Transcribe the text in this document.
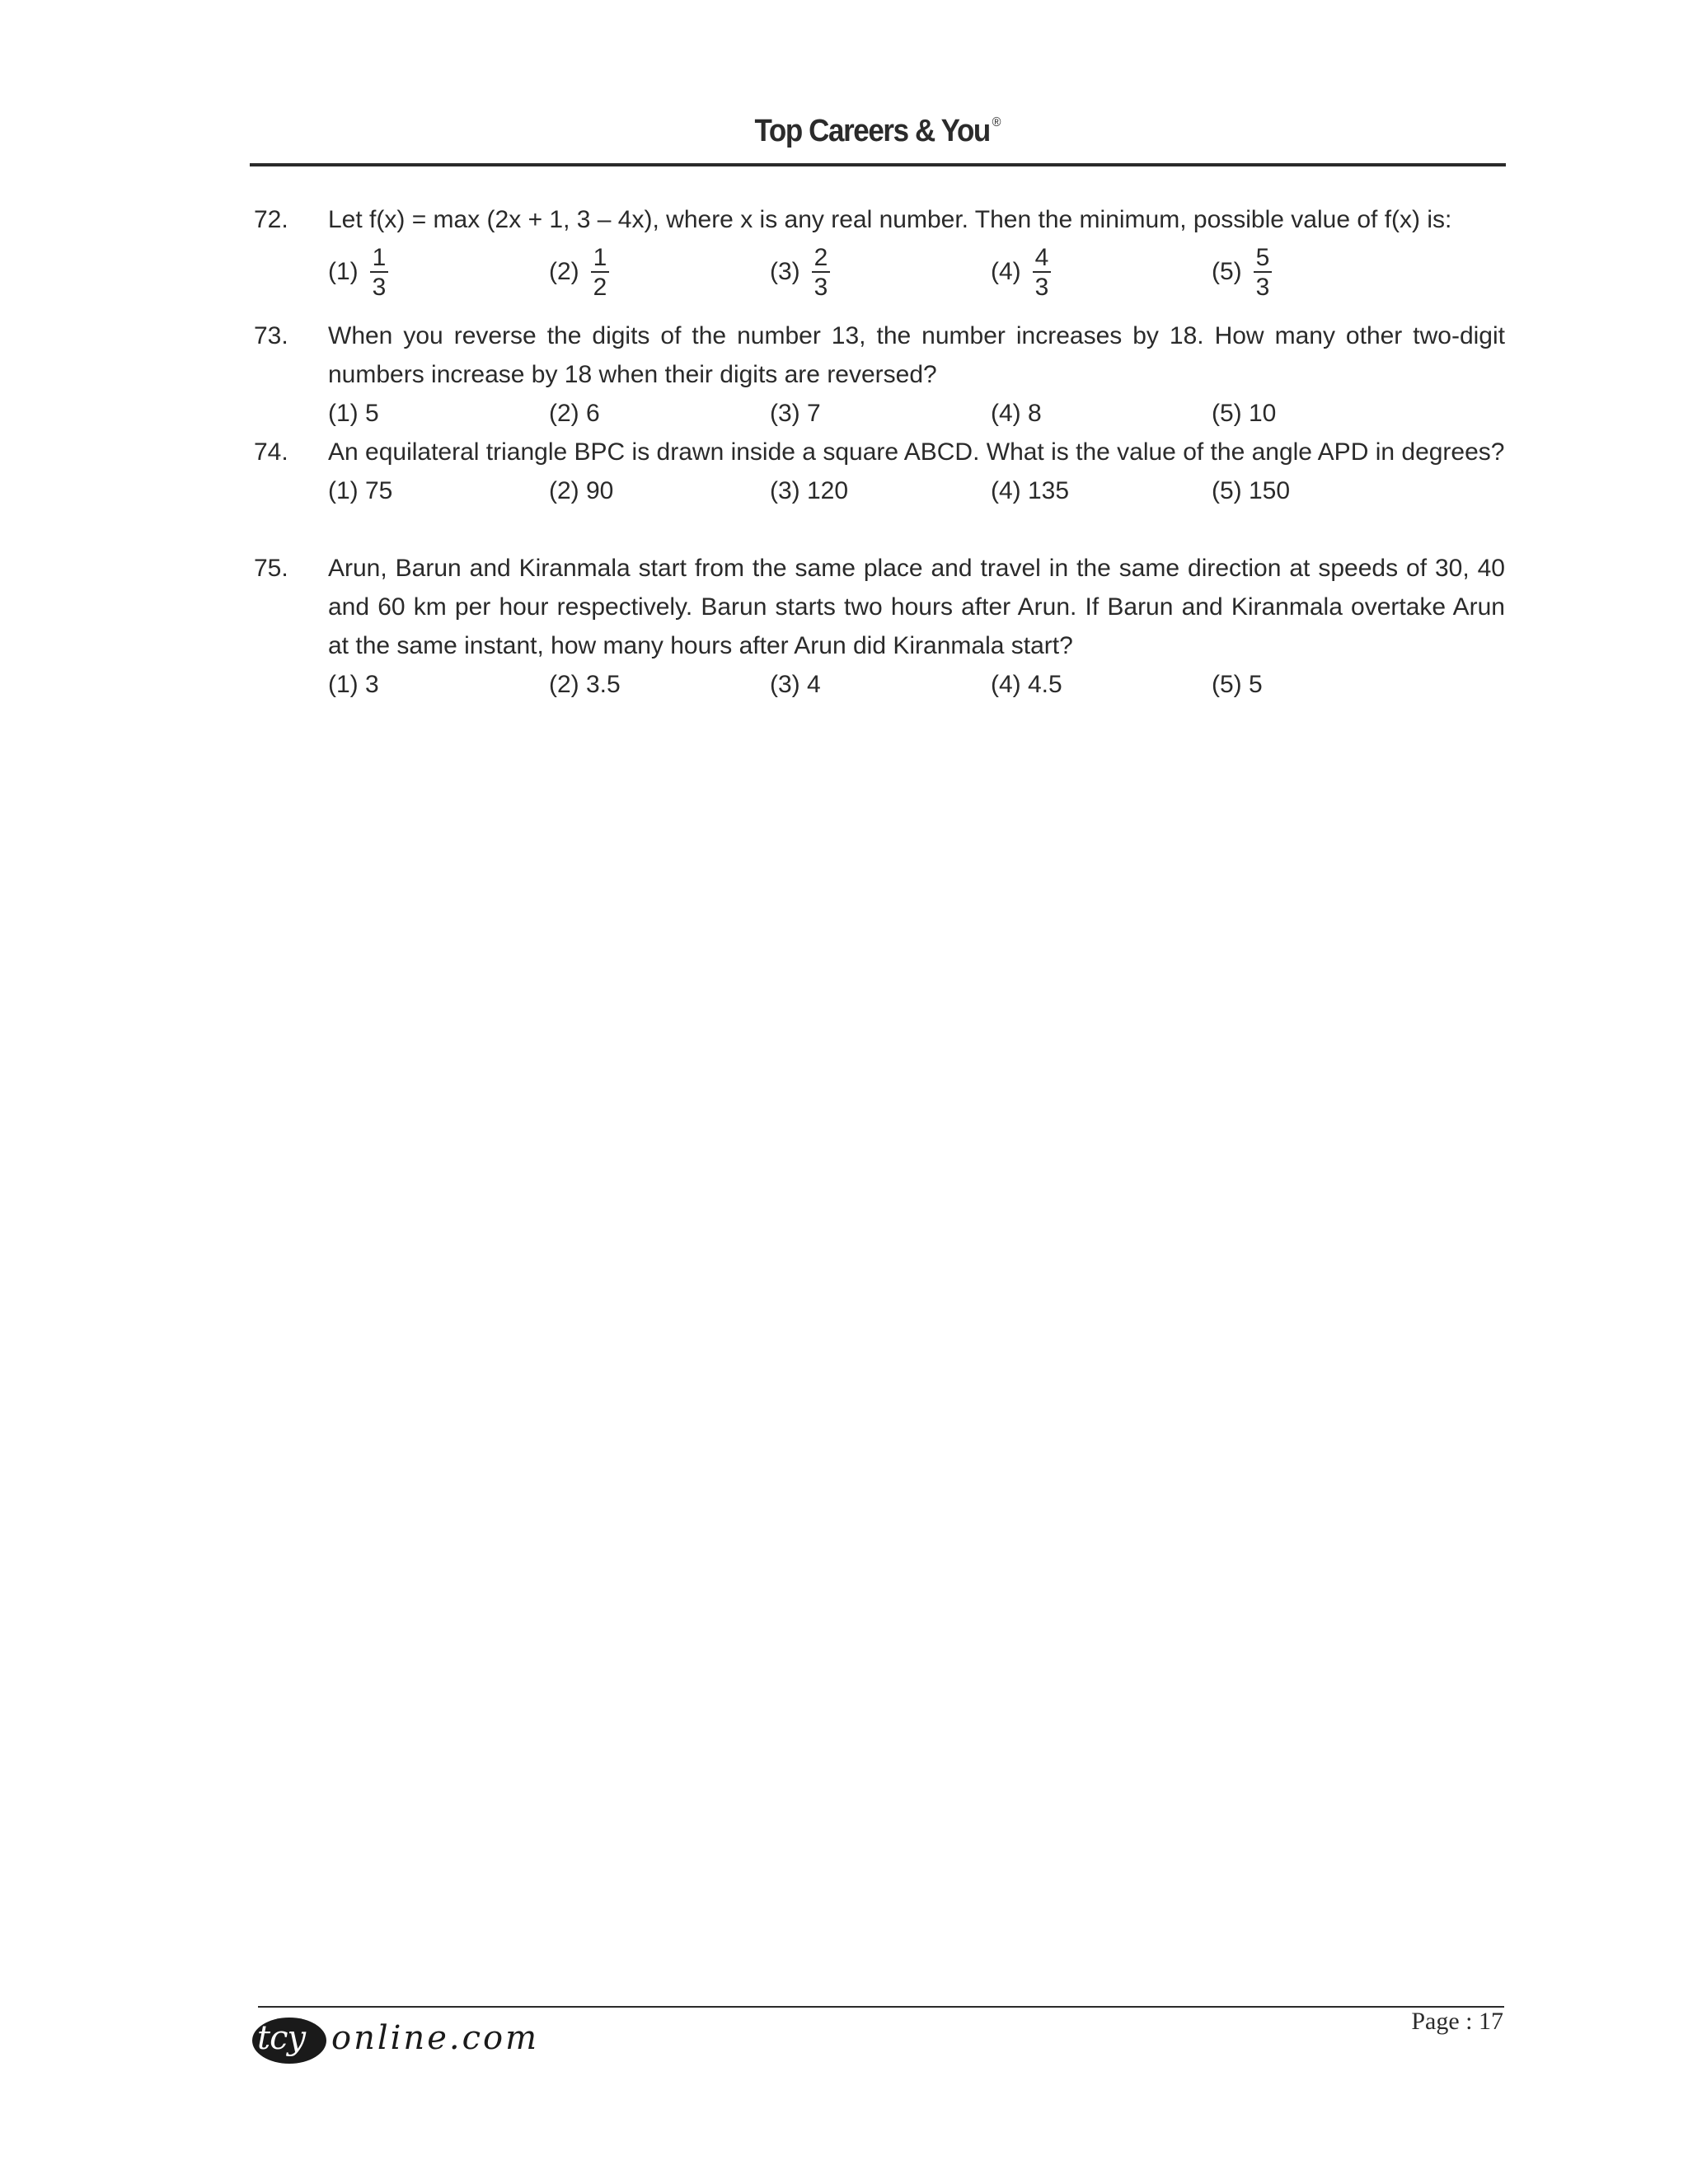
Top Careers & You ®
72. Let f(x) = max (2x + 1, 3 – 4x), where x is any real number. Then the minimum, possible value of f(x) is:
$(1) \frac{1}{3}$	$(2) \frac{1}{2}$	$(3) \frac{2}{3}$	$(4) \frac{4}{3}$	$(5) \frac{5}{3}$
73. When you reverse the digits of the number 13, the number increases by 18. How many other two-digit numbers increase by 18 when their digits are reversed?
(1) 5	(2) 6	(3) 7	(4) 8	(5) 10
74. An equilateral triangle BPC is drawn inside a square ABCD. What is the value of the angle APD in degrees?
(1) 75	(2) 90	(3) 120	(4) 135	(5) 150
75. Arun, Barun and Kiranmala start from the same place and travel in the same direction at speeds of 30, 40 and 60 km per hour respectively. Barun starts two hours after Arun. If Barun and Kiranmala overtake Arun at the same instant, how many hours after Arun did Kiranmala start?
(1) 3	(2) 3.5	(3) 4	(4) 4.5	(5) 5
tcy online.com	Page : 17
